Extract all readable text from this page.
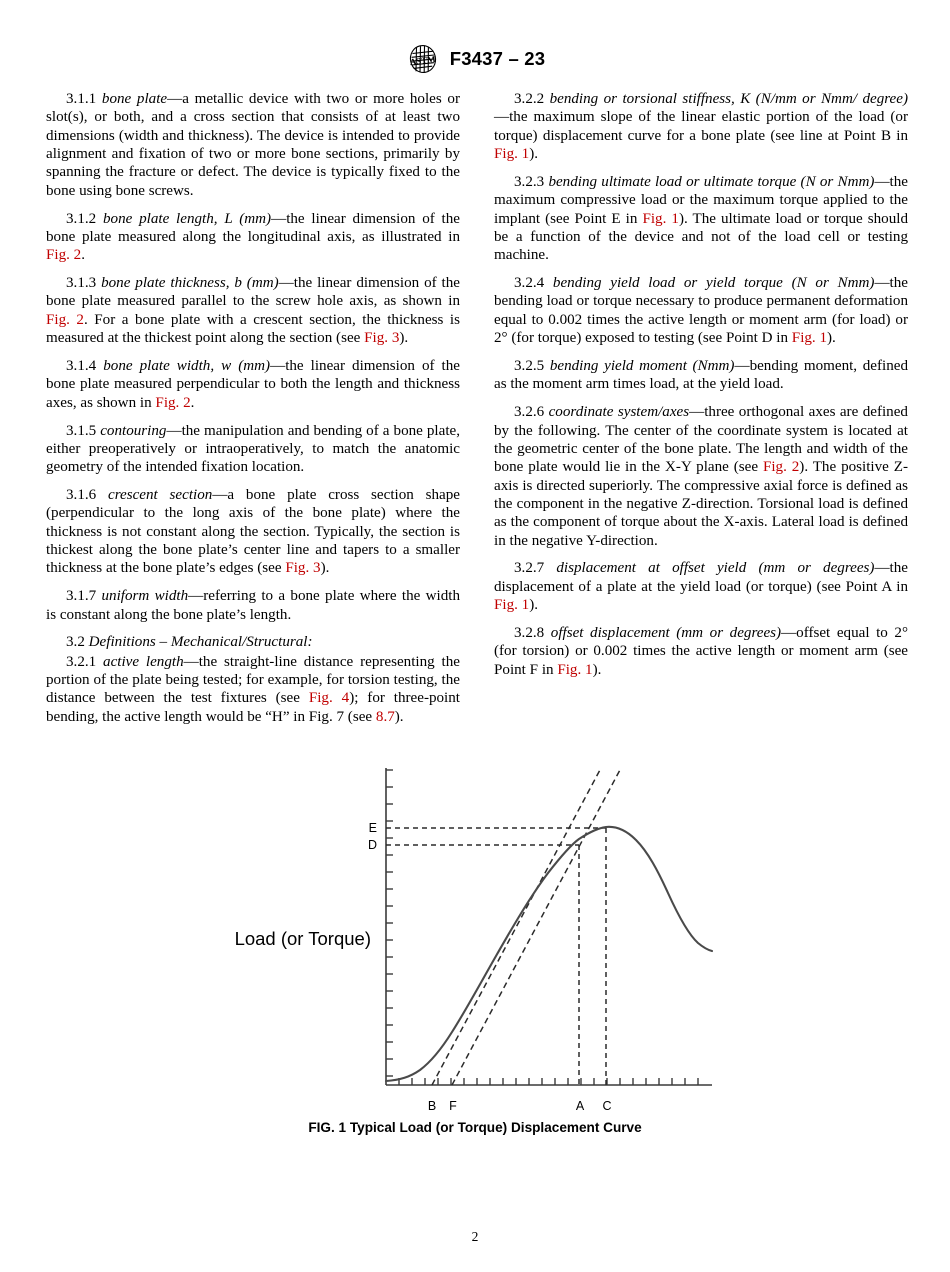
ASTM F3437 – 23

3.1.1 bone plate—a metallic device with two or more holes or slot(s), or both, and a cross section that consists of at least two dimensions (width and thickness). The device is intended to provide alignment and fixation of two or more bone sections, primarily by spanning the fracture or defect. The device is typically fixed to the bone using bone screws.

3.1.2 bone plate length, L (mm)—the linear dimension of the bone plate measured along the longitudinal axis, as illustrated in Fig. 2.

3.1.3 bone plate thickness, b (mm)—the linear dimension of the bone plate measured parallel to the screw hole axis, as shown in Fig. 2. For a bone plate with a crescent section, the thickness is measured at the thickest point along the section (see Fig. 3).

3.1.4 bone plate width, w (mm)—the linear dimension of the bone plate measured perpendicular to both the length and thickness axes, as shown in Fig. 2.

3.1.5 contouring—the manipulation and bending of a bone plate, either preoperatively or intraoperatively, to match the anatomic geometry of the intended fixation location.

3.1.6 crescent section—a bone plate cross section shape (perpendicular to the long axis of the bone plate) where the thickness is not constant along the section. Typically, the section is thickest along the bone plate’s center line and tapers to a smaller thickness at the bone plate’s edges (see Fig. 3).

3.1.7 uniform width—referring to a bone plate where the width is constant along the bone plate’s length.

3.2 Definitions – Mechanical/Structural:

3.2.1 active length—the straight-line distance representing the portion of the plate being tested; for example, for torsion testing, the distance between the test fixtures (see Fig. 4); for three-point bending, the active length would be “H” in Fig. 7 (see 8.7).

3.2.2 bending or torsional stiffness, K (N/mm or Nmm/ degree)—the maximum slope of the linear elastic portion of the load (or torque) displacement curve for a bone plate (see line at Point B in Fig. 1).

3.2.3 bending ultimate load or ultimate torque (N or Nmm)—the maximum compressive load or the maximum torque applied to the implant (see Point E in Fig. 1). The ultimate load or torque should be a function of the device and not of the load cell or testing machine.

3.2.4 bending yield load or yield torque (N or Nmm)—the bending load or torque necessary to produce permanent deformation equal to 0.002 times the active length or moment arm (for load) or 2° (for torque) exposed to testing (see Point D in Fig. 1).

3.2.5 bending yield moment (Nmm)—bending moment, defined as the moment arm times load, at the yield load.

3.2.6 coordinate system/axes—three orthogonal axes are defined by the following. The center of the coordinate system is located at the geometric center of the bone plate. The length and width of the bone plate would lie in the X-Y plane (see Fig. 2). The positive Z-axis is directed superiorly. The compressive axial force is defined as the component in the negative Z-direction. Torsional load is defined as the component of torque about the X-axis. Lateral load is defined in the negative Y-direction.

3.2.7 displacement at offset yield (mm or degrees)—the displacement of a plate at the yield load (or torque) (see Point A in Fig. 1).

3.2.8 offset displacement (mm or degrees)—offset equal to 2° (for torsion) or 0.002 times the active length or moment arm (see Point F in Fig. 1).

E
D
B F	A C
Load (or Torque)
FIG. 1 Typical Load (or Torque) Displacement Curve
2
